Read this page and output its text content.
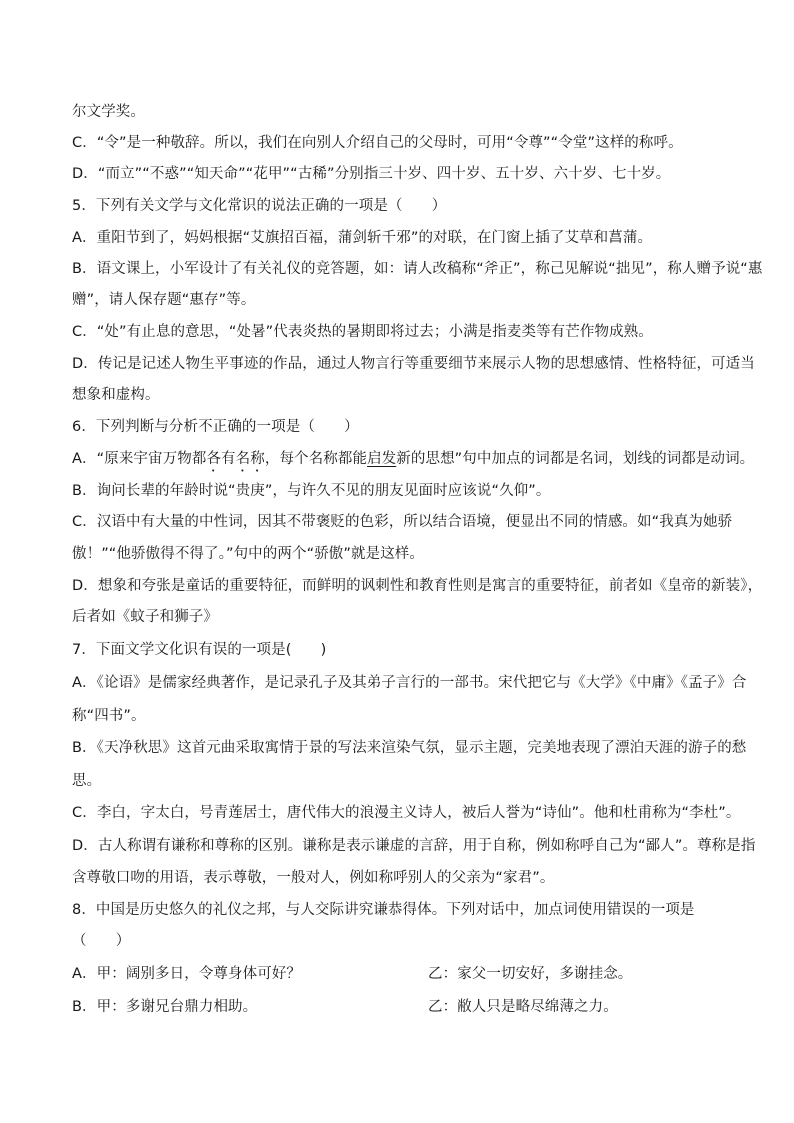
尔文学奖。
C．“令”是一种敬辞。所以，我们在向别人介绍自己的父母时，可用“令尊”“令堂”这样的称呼。
D．“而立”“不惑”“知天命”“花甲”“古稀”分别指三十岁、四十岁、五十岁、六十岁、七十岁。
5．下列有关文学与文化常识的说法正确的一项是（　　）
A．重阳节到了，妈妈根据“艾旗招百福，蒲剑斩千邪”的对联，在门窗上插了艾草和菖蒲。
B．语文课上，小军设计了有关礼仪的竞答题，如：请人改稿称“斧正”，称己见解说“拙见”，称人赠予说“惠
赠”，请人保存题“惠存”等。
C．“处”有止息的意思，“处暑”代表炎热的暑期即将过去；小满是指麦类等有芒作物成熟。
D．传记是记述人物生平事迹的作品，通过人物言行等重要细节来展示人物的思想感情、性格特征，可适当
想象和虚构。
6．下列判断与分析不正确的一项是（　　）
A．“原来宇宙万物都各有名称，每个名称都能启发新的思想”句中加点的词都是名词，划线的词都是动词。
B．询问长辈的年龄时说“贵庚”，与许久不见的朋友见面时应该说“久仰”。
C．汉语中有大量的中性词，因其不带褒贬的色彩，所以结合语境，便显出不同的情感。如“我真为她骄
傲！”“他骄傲得不得了。”句中的两个“骄傲”就是这样。
D．想象和夸张是童话的重要特征，而鲜明的讽刺性和教育性则是寓言的重要特征，前者如《皇帝的新装》，
后者如《蚊子和狮子》
7．下面文学文化识有误的一项是(　　)
A．《论语》是儒家经典著作，是记录孔子及其弟子言行的一部书。宋代把它与《大学》《中庸》《孟子》合
称“四书”。
B．《天净秋思》这首元曲采取寓情于景的写法来渲染气氛，显示主题，完美地表现了漂泊天涯的游子的愁
思。
C．李白，字太白，号青莲居士，唐代伟大的浪漫主义诗人，被后人誉为“诗仙”。他和杜甫称为“李杜”。
D．古人称谓有谦称和尊称的区别。谦称是表示谦虚的言辞，用于自称，例如称呼自己为“鄙人”。尊称是指
含尊敬口吻的用语，表示尊敬，一般对人，例如称呼别人的父亲为“家君”。
8．中国是历史悠久的礼仪之邦，与人交际讲究谦恭得体。下列对话中，加点词使用错误的一项是
（　　）
A．甲：阔别多日，令尊身体可好？	乙：家父一切安好，多谢挂念。
B．甲：多谢兄台鼎力相助。	乙：敝人只是略尽绵薄之力。
